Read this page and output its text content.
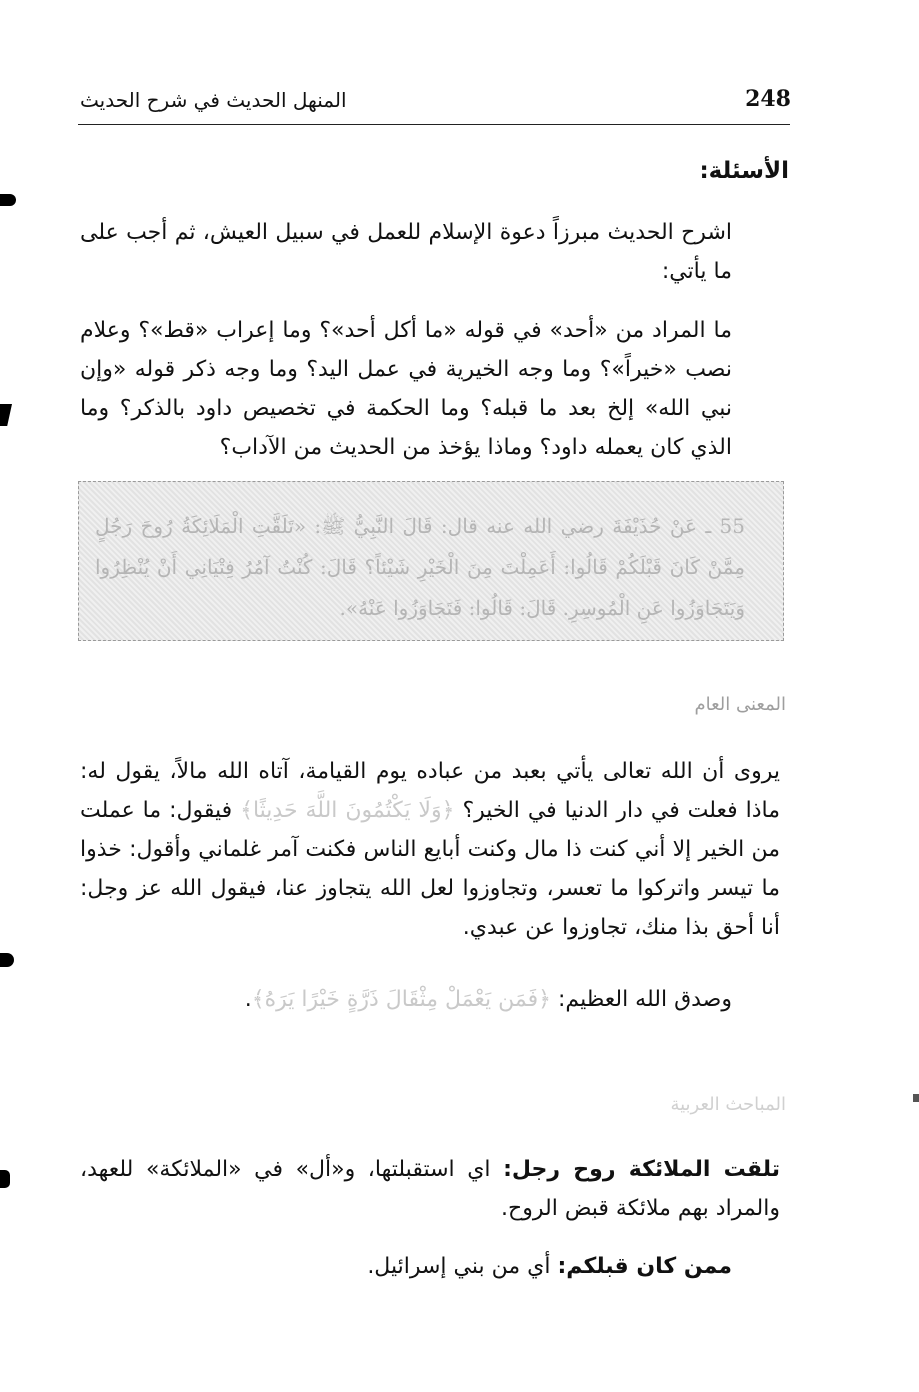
المنهل الحديث في شرح الحديث	248
الأسئلة:
اشرح الحديث مبرزاً دعوة الإسلام للعمل في سبيل العيش، ثم أجب على ما يأتي:
ما المراد من «أحد» في قوله «ما أكل أحد»؟ وما إعراب «قط»؟ وعلام نصب «خيراً»؟ وما وجه الخيرية في عمل اليد؟ وما وجه ذكر قوله «وإن نبي الله» إلخ بعد ما قبله؟ وما الحكمة في تخصيص داود بالذكر؟ وما الذي كان يعمله داود؟ وماذا يؤخذ من الحديث من الآداب؟
55 ـ عَنْ حُذَيْفَةَ رضي الله عنه قال: قَالَ النَّبِيُّ ﷺ: «تَلَقَّتِ الْمَلَائِكَةُ رُوحَ رَجُلٍ مِمَّنْ كَانَ قَبْلَكُمْ قَالُوا: أَعَمِلْتَ مِنَ الْخَيْرِ شَيْئاً؟ قَالَ: كُنْتُ آمُرُ فِتْيَانِي أَنْ يُنْظِرُوا وَيَتَجَاوَزُوا عَنِ الْمُوسِرِ. قَالَ: قَالُوا: فَتَجَاوَزُوا عَنْهُ».
المعنى العام
يروى أن الله تعالى يأتي بعبد من عباده يوم القيامة، آتاه الله مالاً، يقول له: ماذا فعلت في دار الدنيا في الخير؟ ﴿وَلَا يَكْتُمُونَ اللَّهَ حَدِيثًا﴾ فيقول: ما عملت من الخير إلا أني كنت ذا مال وكنت أبايع الناس فكنت آمر غلماني وأقول: خذوا ما تيسر واتركوا ما تعسر، وتجاوزوا لعل الله يتجاوز عنا، فيقول الله عز وجل: أنا أحق بذا منك، تجاوزوا عن عبدي.
وصدق الله العظيم: ﴿فَمَن يَعْمَلْ مِثْقَالَ ذَرَّةٍ خَيْرًا يَرَهُ﴾.
المباحث العربية
تلقت الملائكة روح رجل: اي استقبلتها، و«أل» في «الملائكة» للعهد، والمراد بهم ملائكة قبض الروح.
ممن كان قبلكم: أي من بني إسرائيل.
